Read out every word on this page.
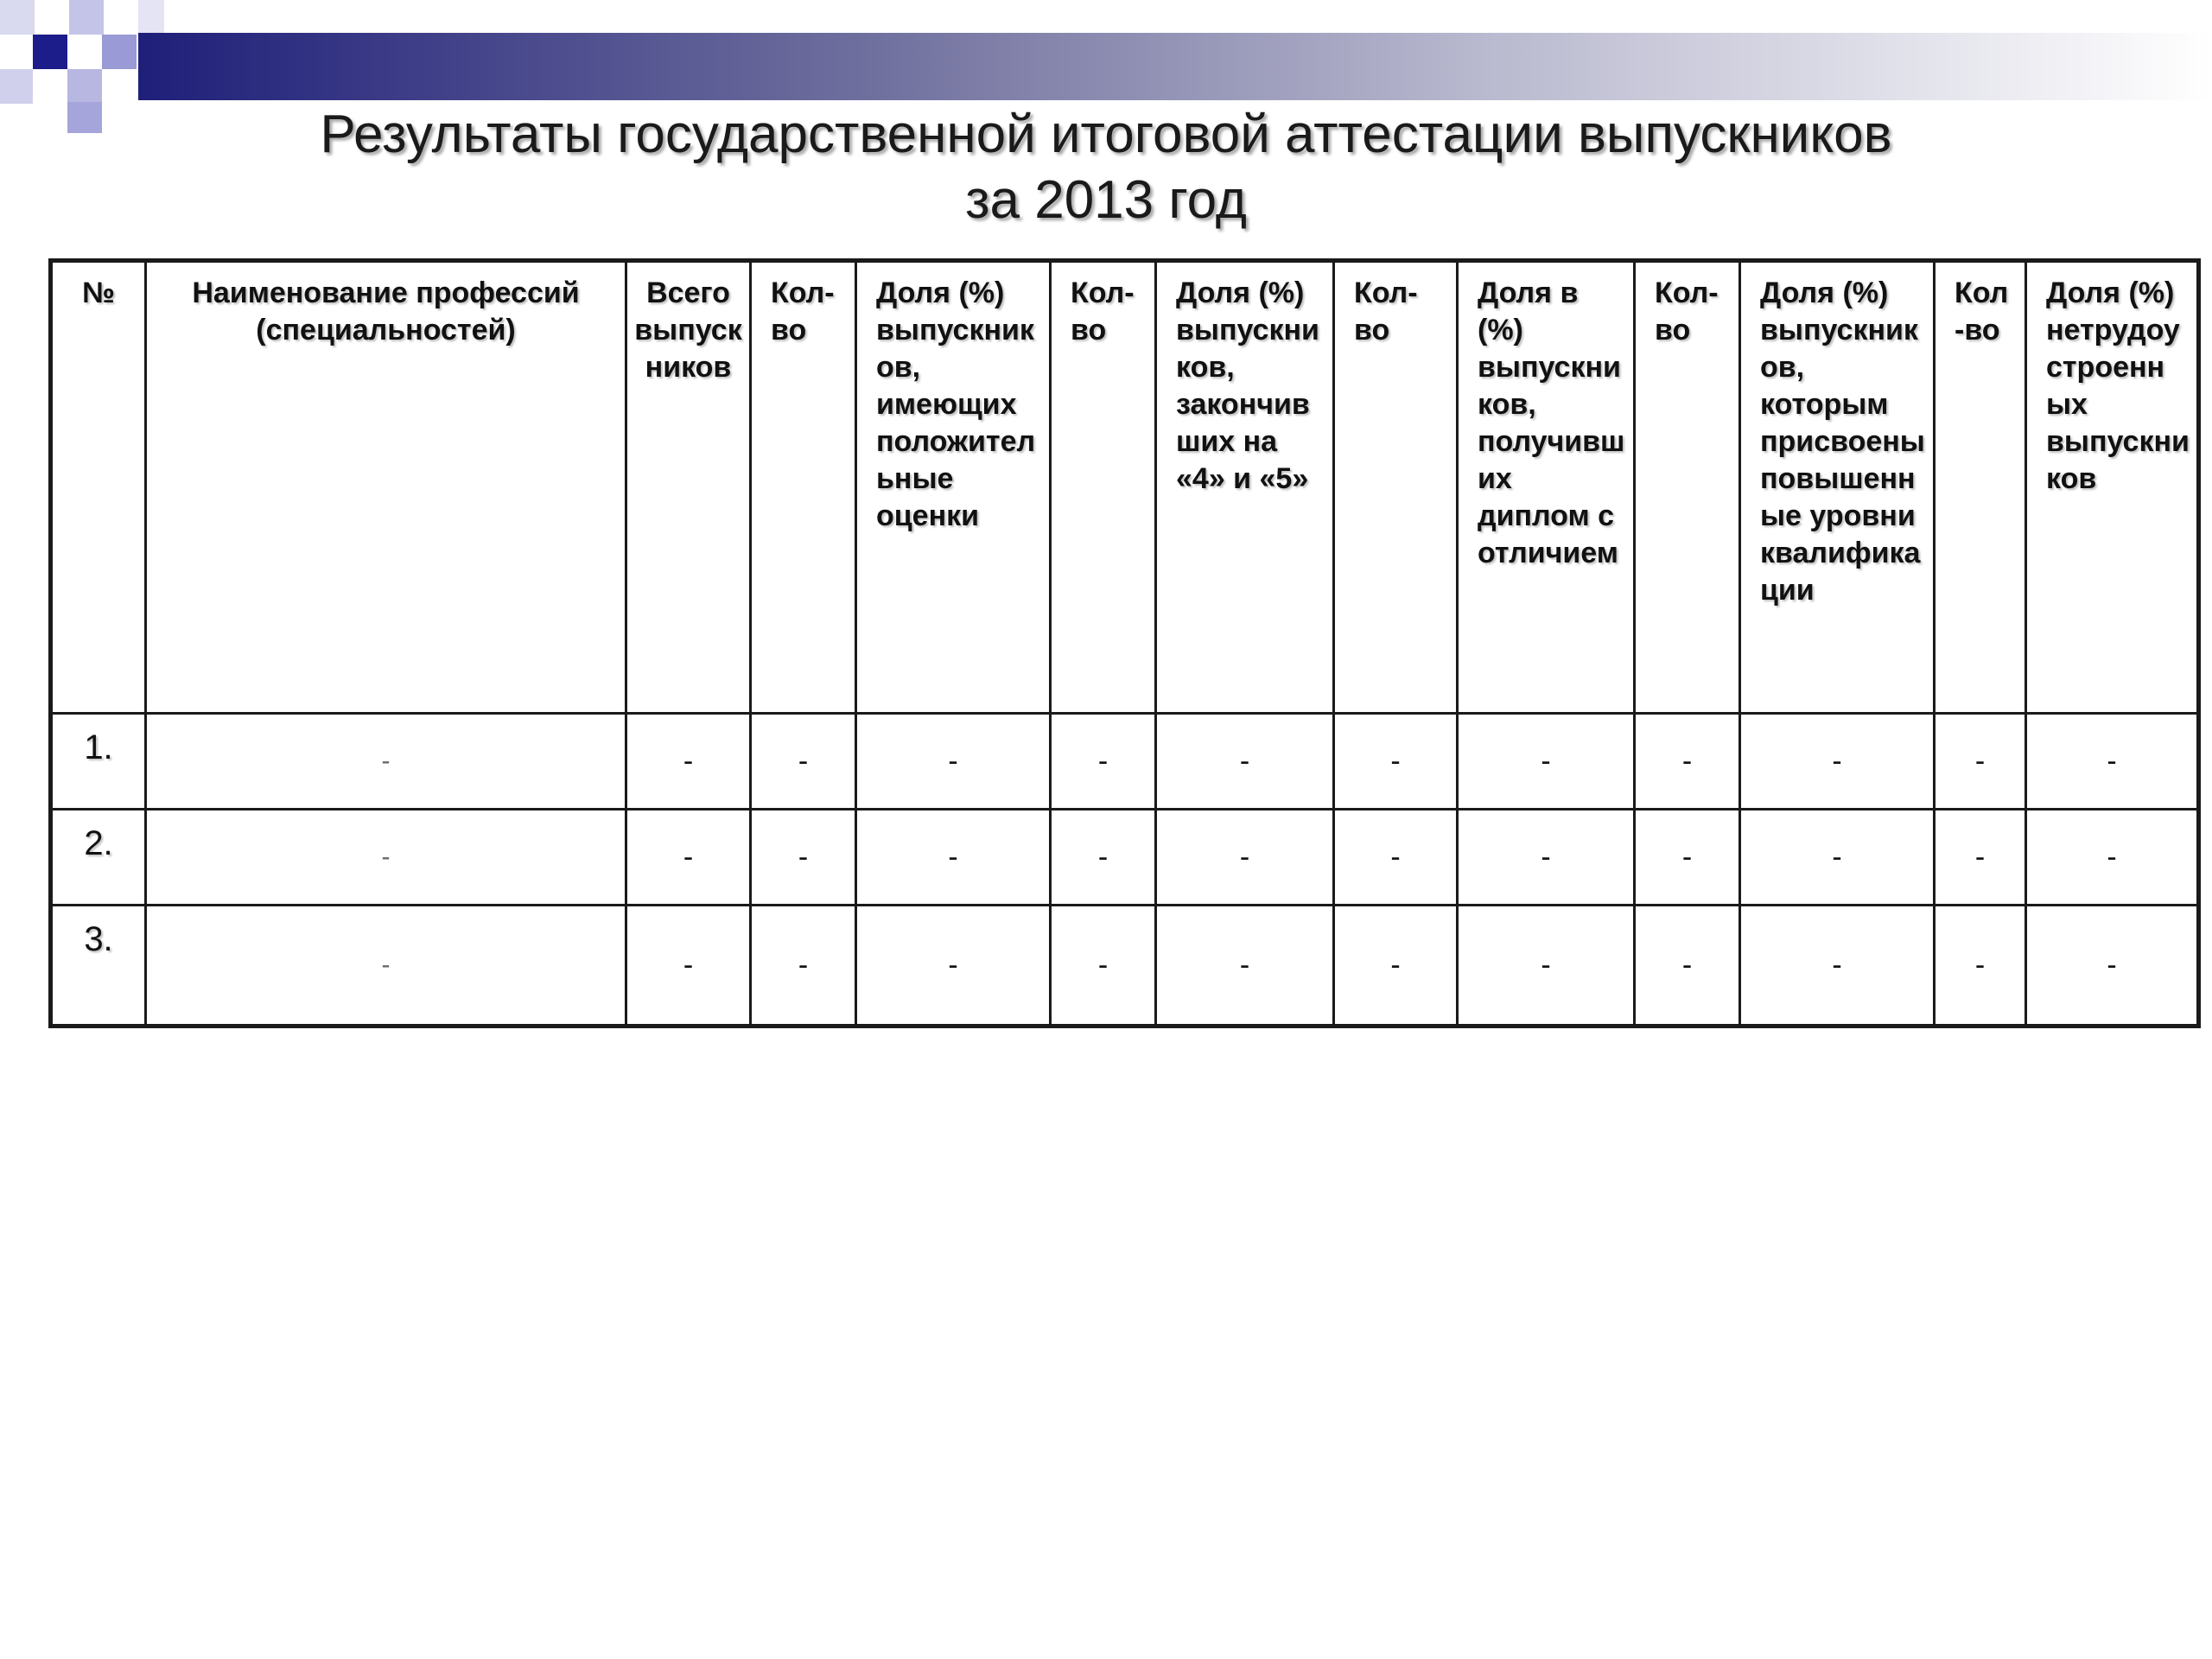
Результаты государственной итоговой аттестации выпускников
за 2013 год
№	Наименование профессий (специальностей)	Всего выпускников	Кол-во	Доля (%) выпускников, имеющих положительные оценки	Кол-во	Доля (%) выпускников, закончивших на «4» и «5»	Кол-во	Доля в (%) выпускников, получивших диплом с отличием	Кол-во	Доля (%) выпускников, которым присвоены повышенные уровни квалификации	Кол-во	Доля (%) нетрудоустроенных выпускников
1.	-	-	-	-	-	-	-	-	-	-	-	-
2.	-	-	-	-	-	-	-	-	-	-	-	-
3.	-	-	-	-	-	-	-	-	-	-	-	-
